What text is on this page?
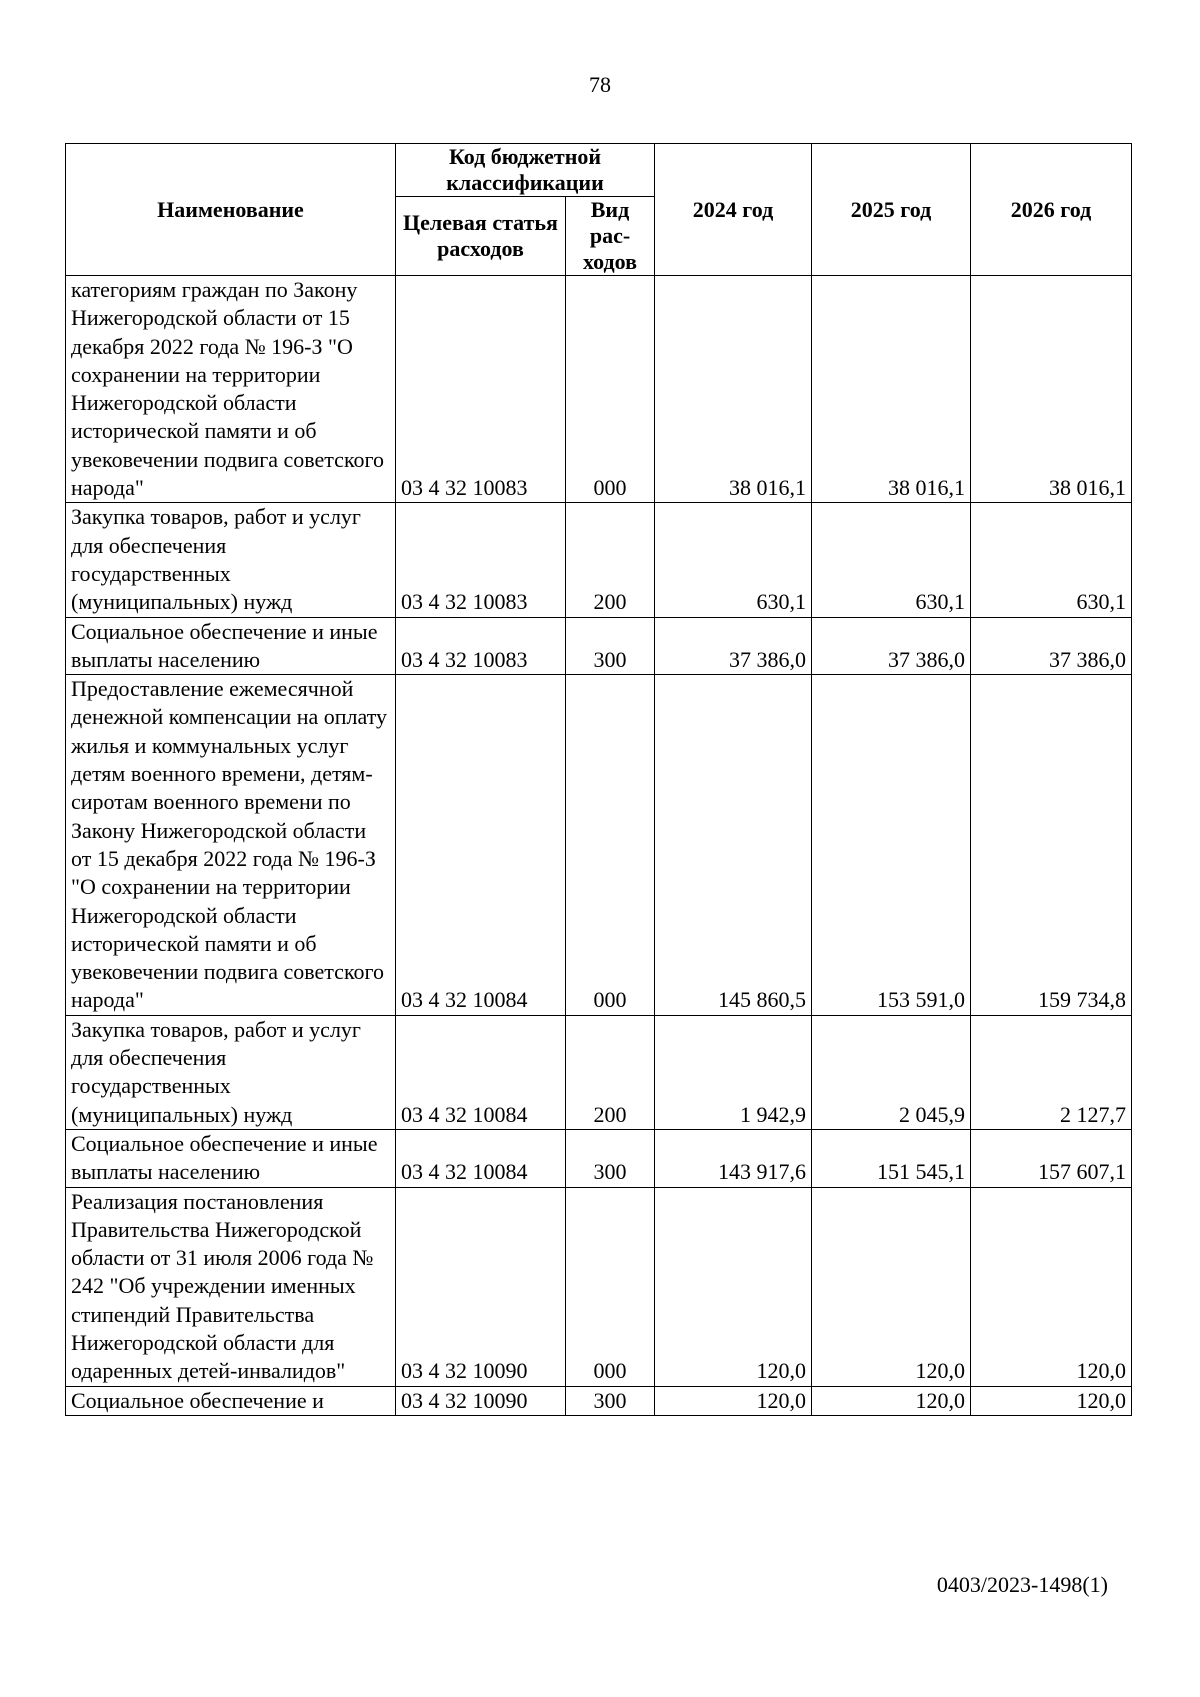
78
Наименование	Код бюджетной классификации		2024 год	2025 год	2026 год
	Целевая статья расходов	Вид рас-ходов			
категориям граждан по Закону Нижегородской области от 15 декабря 2022 года № 196-З "О сохранении на территории Нижегородской области исторической памяти и об увековечении подвига советского народа"	03 4 32 10083	000	38 016,1	38 016,1	38 016,1
Закупка товаров, работ и услуг для обеспечения государственных (муниципальных) нужд	03 4 32 10083	200	630,1	630,1	630,1
Социальное обеспечение и иные выплаты населению	03 4 32 10083	300	37 386,0	37 386,0	37 386,0
Предоставление ежемесячной денежной компенсации на оплату жилья и коммунальных услуг детям военного времени, детям-сиротам военного времени по Закону Нижегородской области от 15 декабря 2022 года № 196-З "О сохранении на территории Нижегородской области исторической памяти и об увековечении подвига советского народа"	03 4 32 10084	000	145 860,5	153 591,0	159 734,8
Закупка товаров, работ и услуг для обеспечения государственных (муниципальных) нужд	03 4 32 10084	200	1 942,9	2 045,9	2 127,7
Социальное обеспечение и иные выплаты населению	03 4 32 10084	300	143 917,6	151 545,1	157 607,1
Реализация постановления Правительства Нижегородской области от 31 июля 2006 года № 242 "Об учреждении именных стипендий Правительства Нижегородской области для одаренных детей-инвалидов"	03 4 32 10090	000	120,0	120,0	120,0
Социальное обеспечение и	03 4 32 10090	300	120,0	120,0	120,0
0403/2023-1498(1)
